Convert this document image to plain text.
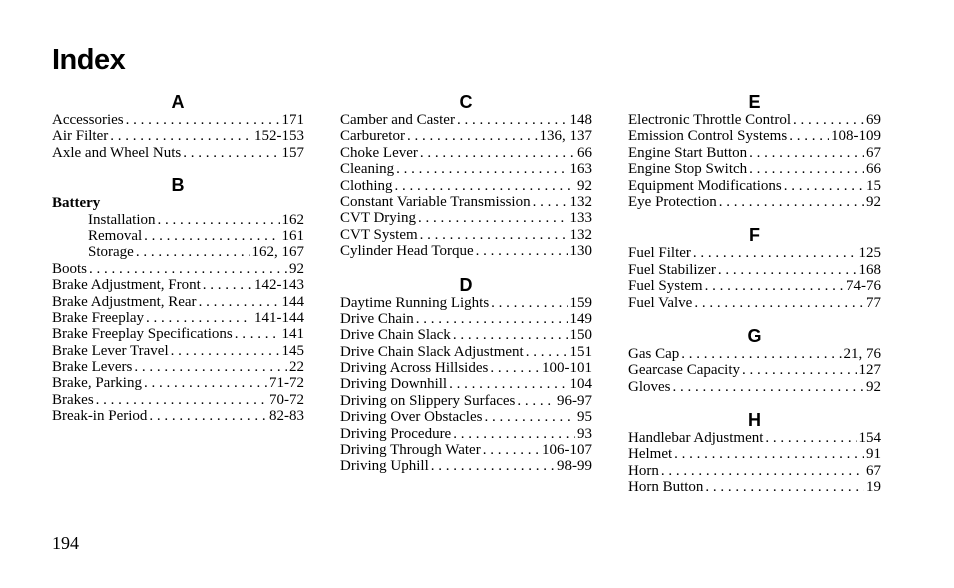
Index
A
Accessories . . .	171
Air Filter . . .	152-153
Axle and Wheel Nuts . . .	157
B
Battery
Installation . . .	162
Removal . . .	161
Storage . . .	162, 167
Boots . . .	92
Brake Adjustment, Front . . .	142-143
Brake Adjustment, Rear . . .	144
Brake Freeplay . . .	141-144
Brake Freeplay Specifications . . .	141
Brake Lever Travel . . .	145
Brake Levers . . .	22
Brake, Parking . . .	71-72
Brakes . . .	70-72
Break-in Period . . .	82-83
C
Camber and Caster . . .	148
Carburetor . . .	136, 137
Choke Lever . . .	66
Cleaning . . .	163
Clothing . . .	92
Constant Variable Transmission . . .	132
CVT Drying . . .	133
CVT System . . .	132
Cylinder Head Torque . . .	130
D
Daytime Running Lights . . .	159
Drive Chain . . .	149
Drive Chain Slack . . .	150
Drive Chain Slack Adjustment . . .	151
Driving Across Hillsides . . .	100-101
Driving Downhill . . .	104
Driving on Slippery Surfaces . . .	96-97
Driving Over Obstacles . . .	95
Driving Procedure . . .	93
Driving Through Water . . .	106-107
Driving Uphill . . .	98-99
E
Electronic Throttle Control . . .	69
Emission Control Systems . . .	108-109
Engine Start Button . . .	67
Engine Stop Switch . . .	66
Equipment Modifications . . .	15
Eye Protection . . .	92
F
Fuel Filter . . .	125
Fuel Stabilizer . . .	168
Fuel System . . .	74-76
Fuel Valve . . .	77
G
Gas Cap . . .	21, 76
Gearcase Capacity . . .	127
Gloves . . .	92
H
Handlebar Adjustment . . .	154
Helmet . . .	91
Horn . . .	67
Horn Button . . .	19
194
